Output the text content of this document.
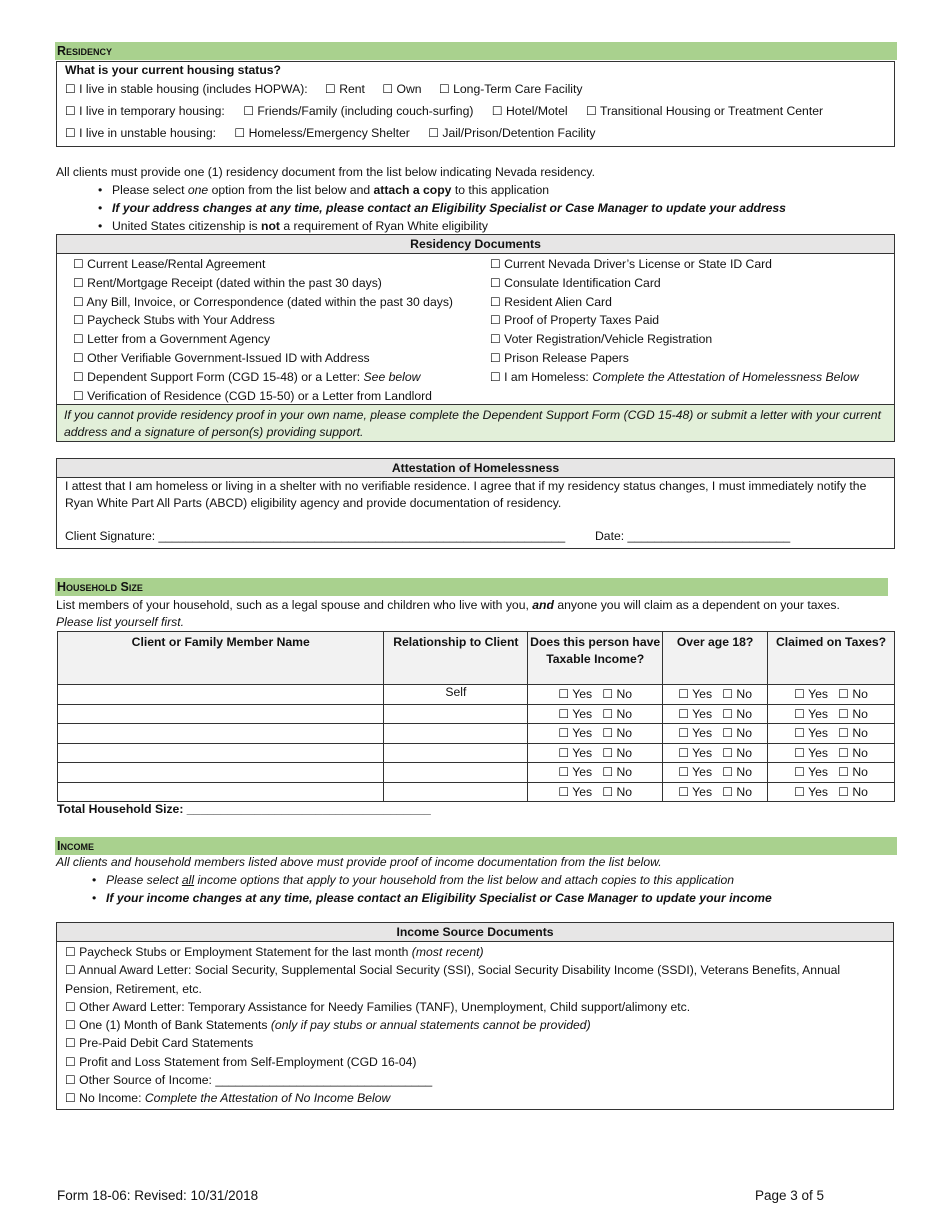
Residency
What is your current housing status?
☐ I live in stable housing (includes HOPWA): ☐ Rent ☐ Own ☐ Long-Term Care Facility
☐ I live in temporary housing: ☐ Friends/Family (including couch-surfing) ☐ Hotel/Motel ☐ Transitional Housing or Treatment Center
☐ I live in unstable housing: ☐ Homeless/Emergency Shelter ☐ Jail/Prison/Detention Facility
All clients must provide one (1) residency document from the list below indicating Nevada residency.
• Please select one option from the list below and attach a copy to this application
• If your address changes at any time, please contact an Eligibility Specialist or Case Manager to update your address
• United States citizenship is not a requirement of Ryan White eligibility
Residency Documents
☐ Current Lease/Rental Agreement
☐ Rent/Mortgage Receipt (dated within the past 30 days)
☐ Any Bill, Invoice, or Correspondence (dated within the past 30 days)
☐ Paycheck Stubs with Your Address
☐ Letter from a Government Agency
☐ Other Verifiable Government-Issued ID with Address
☐ Dependent Support Form (CGD 15-48) or a Letter: See below
☐ Verification of Residence (CGD 15-50) or a Letter from Landlord
☐ Current Nevada Driver’s License or State ID Card
☐ Consulate Identification Card
☐ Resident Alien Card
☐ Proof of Property Taxes Paid
☐ Voter Registration/Vehicle Registration
☐ Prison Release Papers
☐ I am Homeless: Complete the Attestation of Homelessness Below
If you cannot provide residency proof in your own name, please complete the Dependent Support Form (CGD 15-48) or submit a letter with your current address and a signature of person(s) providing support.
Attestation of Homelessness
I attest that I am homeless or living in a shelter with no verifiable residence. I agree that if my residency status changes, I must immediately notify the Ryan White Part All Parts (ABCD) eligibility agency and provide documentation of residency.
Client Signature: ____________________________________________________________ Date: ________________________
Household Size
List members of your household, such as a legal spouse and children who live with you, and anyone you will claim as a dependent on your taxes.
Please list yourself first.
Client or Family Member Name	Relationship to Client	Does this person have Taxable Income?	Over age 18?	Claimed on Taxes?
	Self	☐ Yes ☐ No	☐ Yes ☐ No	☐ Yes ☐ No
		☐ Yes ☐ No	☐ Yes ☐ No	☐ Yes ☐ No
		☐ Yes ☐ No	☐ Yes ☐ No	☐ Yes ☐ No
		☐ Yes ☐ No	☐ Yes ☐ No	☐ Yes ☐ No
		☐ Yes ☐ No	☐ Yes ☐ No	☐ Yes ☐ No
		☐ Yes ☐ No	☐ Yes ☐ No	☐ Yes ☐ No
Total Household Size: ____________________________________
Income
All clients and household members listed above must provide proof of income documentation from the list below.
• Please select all income options that apply to your household from the list below and attach copies to this application
• If your income changes at any time, please contact an Eligibility Specialist or Case Manager to update your income
Income Source Documents
☐ Paycheck Stubs or Employment Statement for the last month (most recent)
☐ Annual Award Letter: Social Security, Supplemental Social Security (SSI), Social Security Disability Income (SSDI), Veterans Benefits, Annual Pension, Retirement, etc.
☐ Other Award Letter: Temporary Assistance for Needy Families (TANF), Unemployment, Child support/alimony etc.
☐ One (1) Month of Bank Statements (only if pay stubs or annual statements cannot be provided)
☐ Pre-Paid Debit Card Statements
☐ Profit and Loss Statement from Self-Employment (CGD 16-04)
☐ Other Source of Income: ________________________________
☐ No Income: Complete the Attestation of No Income Below
Form 18-06: Revised: 10/31/2018	Page 3 of 5
